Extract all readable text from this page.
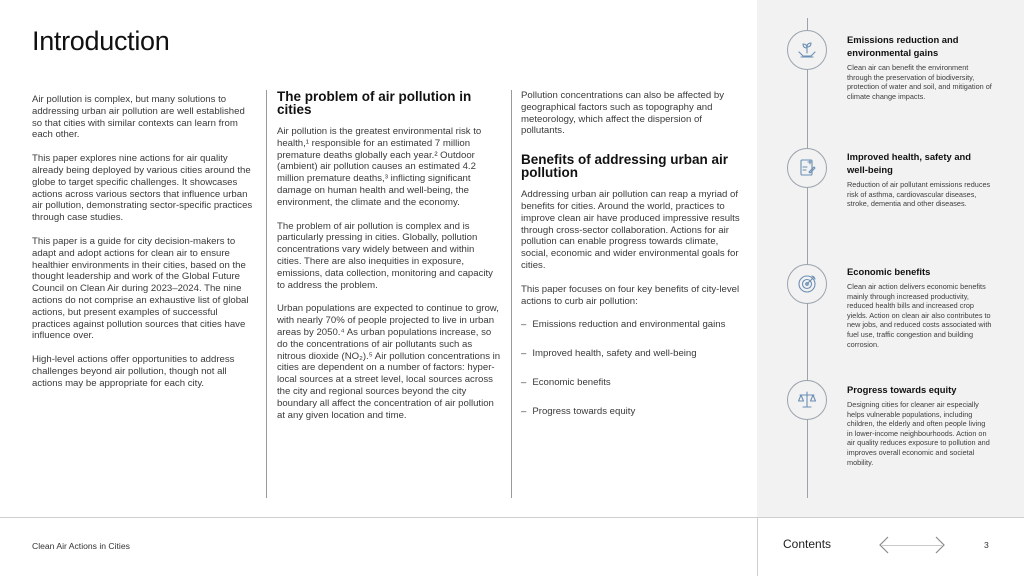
Introduction

Air pollution is complex, but many solutions to addressing urban air pollution are well established so that cities with similar contexts can learn from each other.

This paper explores nine actions for air quality already being deployed by various cities around the globe to target specific challenges. It showcases actions across various sectors that influence urban air pollution, demonstrating sector-specific practices through case studies.

This paper is a guide for city decision-makers to adapt and adopt actions for clean air to ensure healthier environments in their cities, based on the thought leadership and work of the Global Future Council on Clean Air during 2023–2024. The nine actions do not comprise an exhaustive list of global actions, but present examples of successful practices against pollution sources that cities have influence over.

High-level actions offer opportunities to address challenges beyond air pollution, though not all actions may be appropriate for each city.

The problem of air pollution in cities

Air pollution is the greatest environmental risk to health,¹ responsible for an estimated 7 million premature deaths globally each year.² Outdoor (ambient) air pollution causes an estimated 4.2 million premature deaths,³ inflicting significant damage on human health and well-being, the environment, the climate and the economy.

The problem of air pollution is complex and is particularly pressing in cities. Globally, pollution concentrations vary widely between and within cities. There are also inequities in exposure, emissions, data collection, monitoring and capacity to address the problem.

Urban populations are expected to continue to grow, with nearly 70% of people projected to live in urban areas by 2050.⁴ As urban populations increase, so do the concentrations of air pollutants such as nitrous dioxide (NO₂).⁵ Air pollution concentrations in cities are dependent on a number of factors: hyper-local sources at a street level, local sources across the city and regional sources beyond the city boundary all affect the concentration of air pollution at any given location and time.

Pollution concentrations can also be affected by geographical factors such as topography and meteorology, which affect the dispersion of pollutants.

Benefits of addressing urban air pollution

Addressing urban air pollution can reap a myriad of benefits for cities. Around the world, practices to improve clean air have produced impressive results through cross-sector collaboration. Actions for air pollution can enable progress towards climate, social, economic and wider environmental goals for cities.

This paper focuses on four key benefits of city-level actions to curb air pollution:

– Emissions reduction and environmental gains
– Improved health, safety and well-being
– Economic benefits
– Progress towards equity
Emissions reduction and environmental gains
Clean air can benefit the environment through the preservation of biodiversity, protection of water and soil, and mitigation of climate change impacts.
Improved health, safety and well-being
Reduction of air pollutant emissions reduces risk of asthma, cardiovascular diseases, stroke, dementia and other diseases.
Economic benefits
Clean air action delivers economic benefits mainly through increased productivity, reduced health bills and increased crop yields. Action on clean air also contributes to new jobs, and reduced costs associated with fuel use, traffic congestion and building corrosion.
Progress towards equity
Designing cities for cleaner air especially helps vulnerable populations, including children, the elderly and often people living in lower-income neighbourhoods. Action on air quality reduces exposure to pollution and improves overall economic and societal mobility.
Clean Air Actions in Cities	Contents	3
